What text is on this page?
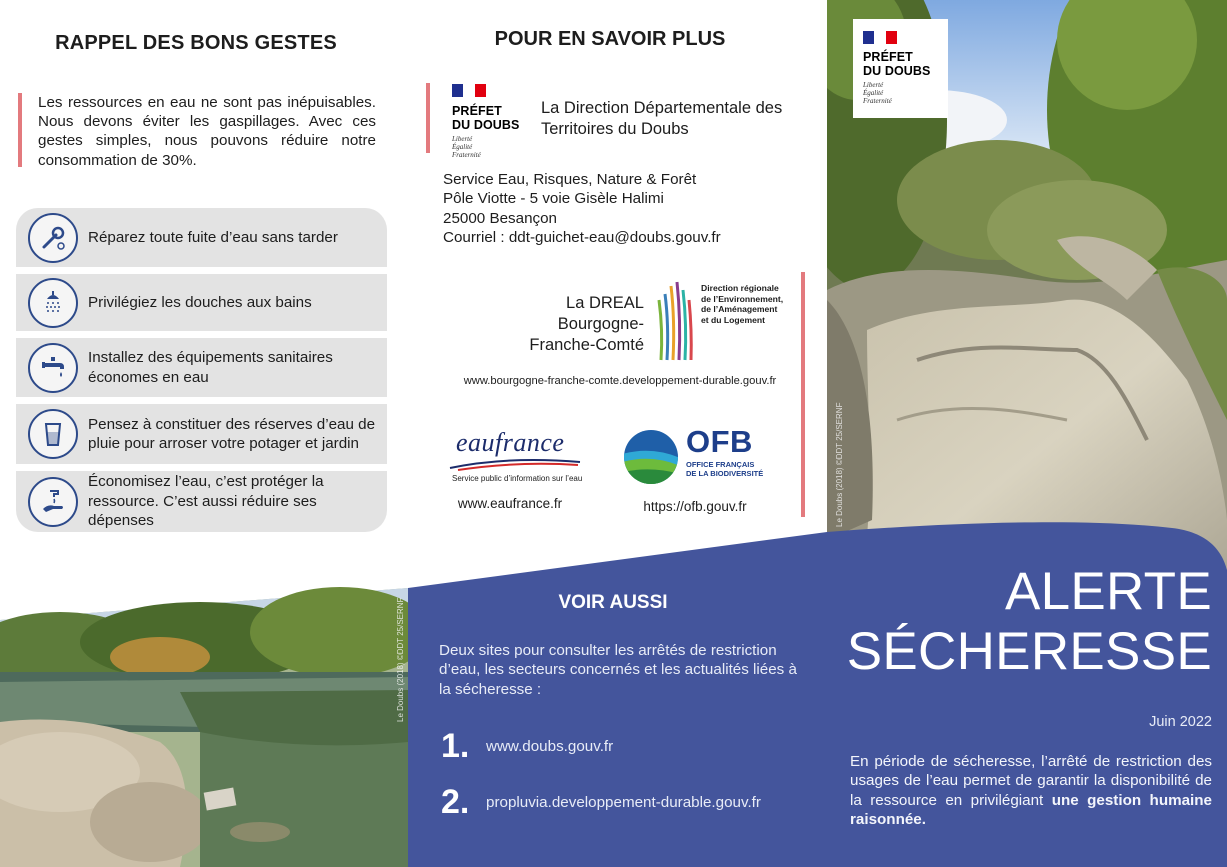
RAPPEL DES BONS GESTES
Les ressources en eau ne sont pas inépuisables. Nous devons éviter les gaspillages. Avec ces gestes simples, nous pouvons réduire notre consommation de 30%.
Réparez toute fuite d’eau sans tarder
Privilégiez les douches aux bains
Installez des équipements sanitaires économes en eau
Pensez à constituer des réserves d’eau de pluie pour arroser votre potager et jardin
Économisez l’eau, c’est protéger la ressource. C’est aussi réduire ses dépenses
POUR EN SAVOIR PLUS
PRÉFET
DU DOUBS
Liberté
Égalité
Fraternité
La Direction Départementale des Territoires du Doubs
Service Eau, Risques, Nature & Forêt
Pôle Viotte - 5 voie Gisèle Halimi
25000 Besançon
Courriel : ddt-guichet-eau@doubs.gouv.fr
La DREAL Bourgogne-Franche-Comté
Direction régionale
de l’Environnement,
de l’Aménagement
et du Logement
www.bourgogne-franche-comte.developpement-durable.gouv.fr
eaufrance
Service public d’information sur l’eau
www.eaufrance.fr
OFB
OFFICE FRANÇAIS
DE LA BIODIVERSITÉ
https://ofb.gouv.fr
Le Doubs (2018) ©DDT 25/SERNF	VOIR AUSSI
Deux sites pour consulter les arrêtés de restriction d’eau, les secteurs concernés et les actualités liées à la sécheresse :
1.	www.doubs.gouv.fr
2.	propluvia.developpement-durable.gouv.fr
Le Doubs (2018) ©DDT 25/SERNF
PRÉFET
DU DOUBS
Liberté
Égalité
Fraternité
ALERTE
SÉCHERESSE
Juin 2022
En période de sécheresse, l’arrêté de restriction des usages de l’eau permet de garantir la disponibilité de la ressource en privilégiant une gestion humaine raisonnée.
